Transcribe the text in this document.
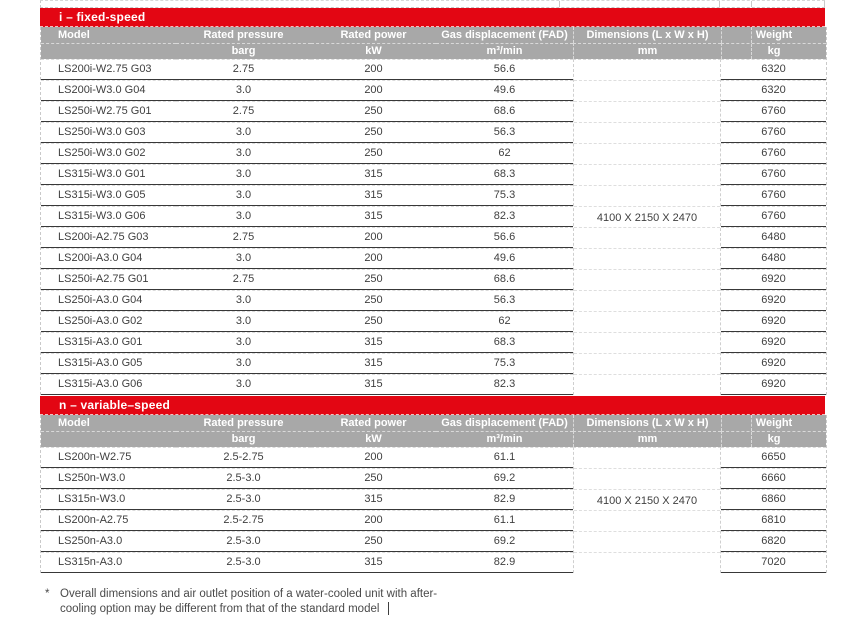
i – fixed-speed
Model	Rated pressure	Rated power	Gas displacement (FAD)	Dimensions (L x W x H)	Weight
	barg	kW	m³/min	mm	kg
LS200i-W2.75 G03	2.75	200	56.6	4100 X 2150 X 2470	6320
LS200i-W3.0 G04	3.0	200	49.6		6320
LS250i-W2.75 G01	2.75	250	68.6		6760
LS250i-W3.0 G03	3.0	250	56.3		6760
LS250i-W3.0 G02	3.0	250	62		6760
LS315i-W3.0 G01	3.0	315	68.3		6760
LS315i-W3.0 G05	3.0	315	75.3		6760
LS315i-W3.0 G06	3.0	315	82.3		6760
LS200i-A2.75 G03	2.75	200	56.6		6480
LS200i-A3.0 G04	3.0	200	49.6		6480
LS250i-A2.75 G01	2.75	250	68.6		6920
LS250i-A3.0 G04	3.0	250	56.3		6920
LS250i-A3.0 G02	3.0	250	62		6920
LS315i-A3.0 G01	3.0	315	68.3		6920
LS315i-A3.0 G05	3.0	315	75.3		6920
LS315i-A3.0 G06	3.0	315	82.3		6920
n – variable–speed
Model	Rated pressure	Rated power	Gas displacement (FAD)	Dimensions (L x W x H)	Weight
	barg	kW	m³/min	mm	kg
LS200n-W2.75	2.5-2.75	200	61.1	4100 X 2150 X 2470	6650
LS250n-W3.0	2.5-3.0	250	69.2		6660
LS315n-W3.0	2.5-3.0	315	82.9		6860
LS200n-A2.75	2.5-2.75	200	61.1		6810
LS250n-A3.0	2.5-3.0	250	69.2		6820
LS315n-A3.0	2.5-3.0	315	82.9		7020
* Overall dimensions and air outlet position of a water-cooled unit with after-
cooling option may be different from that of the standard model
